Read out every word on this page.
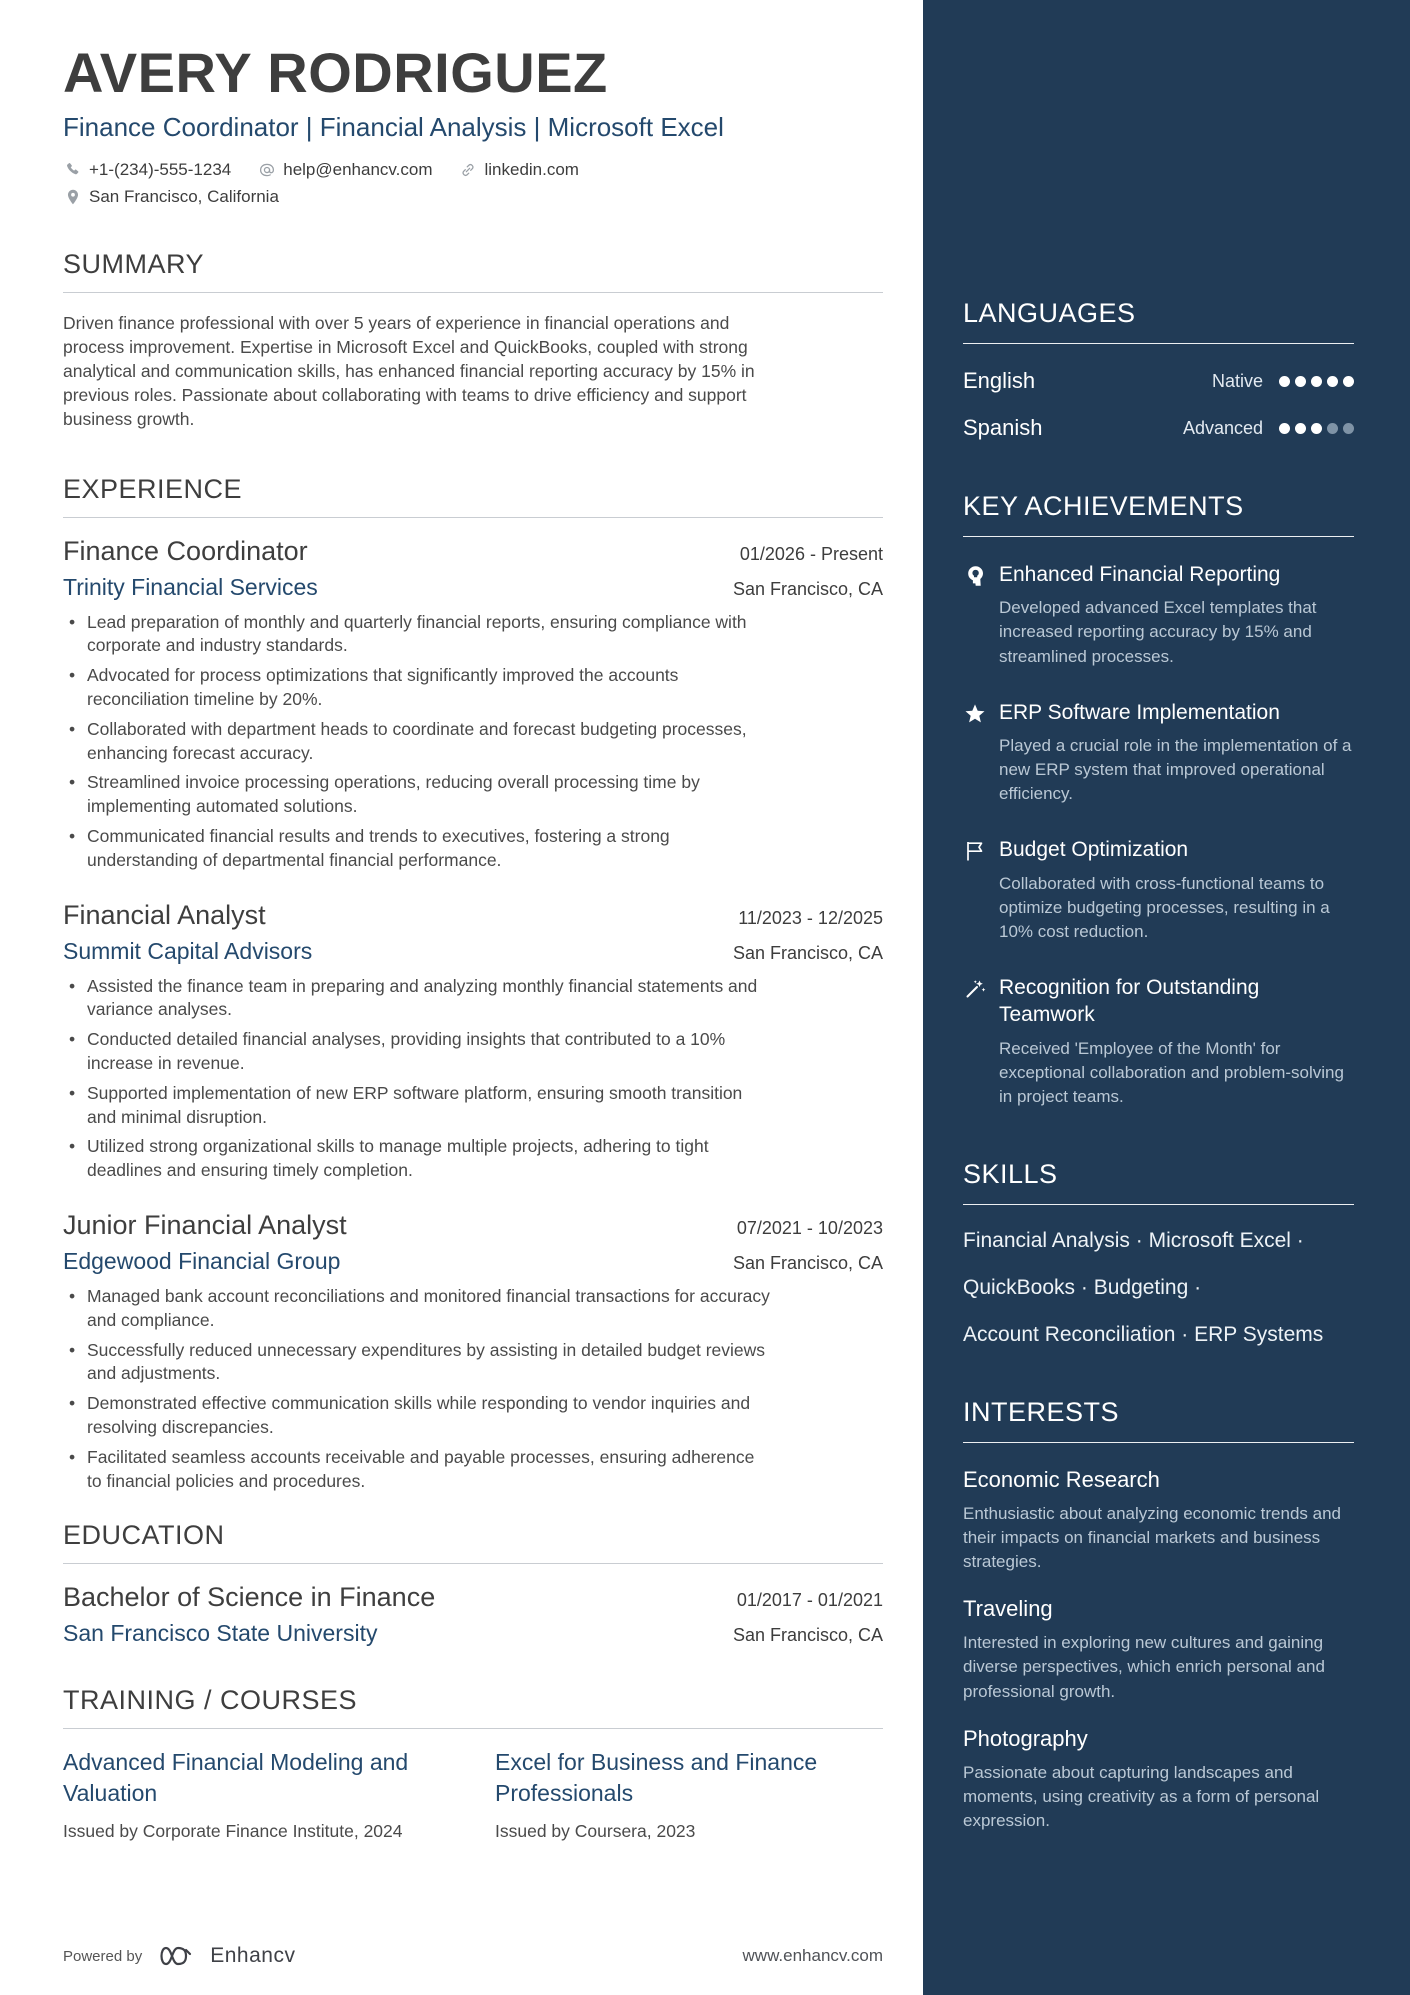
LANGUAGES
English	Native
Spanish	Advanced
KEY ACHIEVEMENTS
Enhanced Financial Reporting
Developed advanced Excel templates that increased reporting accuracy by 15% and streamlined processes.
ERP Software Implementation
Played a crucial role in the implementation of a new ERP system that improved operational efficiency.
Budget Optimization
Collaborated with cross-functional teams to optimize budgeting processes, resulting in a 10% cost reduction.
Recognition for Outstanding Teamwork
Received 'Employee of the Month' for exceptional collaboration and problem-solving in project teams.
SKILLS
Financial Analysis · Microsoft Excel ·
QuickBooks · Budgeting ·
Account Reconciliation · ERP Systems
INTERESTS
Economic Research
Enthusiastic about analyzing economic trends and their impacts on financial markets and business strategies.
Traveling
Interested in exploring new cultures and gaining diverse perspectives, which enrich personal and professional growth.
Photography
Passionate about capturing landscapes and moments, using creativity as a form of personal expression.
AVERY RODRIGUEZ
Finance Coordinator | Financial Analysis | Microsoft Excel
+1-(234)-555-1234	help@enhancv.com	linkedin.com
San Francisco, California
SUMMARY

Driven finance professional with over 5 years of experience in financial operations and process improvement. Expertise in Microsoft Excel and QuickBooks, coupled with strong analytical and communication skills, has enhanced financial reporting accuracy by 15% in previous roles. Passionate about collaborating with teams to drive efficiency and support business growth.

EXPERIENCE
Finance Coordinator	01/2026 - Present
Trinity Financial Services	San Francisco, CA
• Lead preparation of monthly and quarterly financial reports, ensuring compliance with corporate and industry standards.
• Advocated for process optimizations that significantly improved the accounts reconciliation timeline by 20%.
• Collaborated with department heads to coordinate and forecast budgeting processes, enhancing forecast accuracy.
• Streamlined invoice processing operations, reducing overall processing time by implementing automated solutions.
• Communicated financial results and trends to executives, fostering a strong understanding of departmental financial performance.
Financial Analyst	11/2023 - 12/2025
Summit Capital Advisors	San Francisco, CA
• Assisted the finance team in preparing and analyzing monthly financial statements and variance analyses.
• Conducted detailed financial analyses, providing insights that contributed to a 10% increase in revenue.
• Supported implementation of new ERP software platform, ensuring smooth transition and minimal disruption.
• Utilized strong organizational skills to manage multiple projects, adhering to tight deadlines and ensuring timely completion.
Junior Financial Analyst	07/2021 - 10/2023
Edgewood Financial Group	San Francisco, CA
• Managed bank account reconciliations and monitored financial transactions for accuracy and compliance.
• Successfully reduced unnecessary expenditures by assisting in detailed budget reviews and adjustments.
• Demonstrated effective communication skills while responding to vendor inquiries and resolving discrepancies.
• Facilitated seamless accounts receivable and payable processes, ensuring adherence to financial policies and procedures.
EDUCATION
Bachelor of Science in Finance	01/2017 - 01/2021
San Francisco State University	San Francisco, CA
TRAINING / COURSES
Advanced Financial Modeling and Valuation
Issued by Corporate Finance Institute, 2024
Excel for Business and Finance Professionals
Issued by Coursera, 2023
Powered by	Enhancv	www.enhancv.com
